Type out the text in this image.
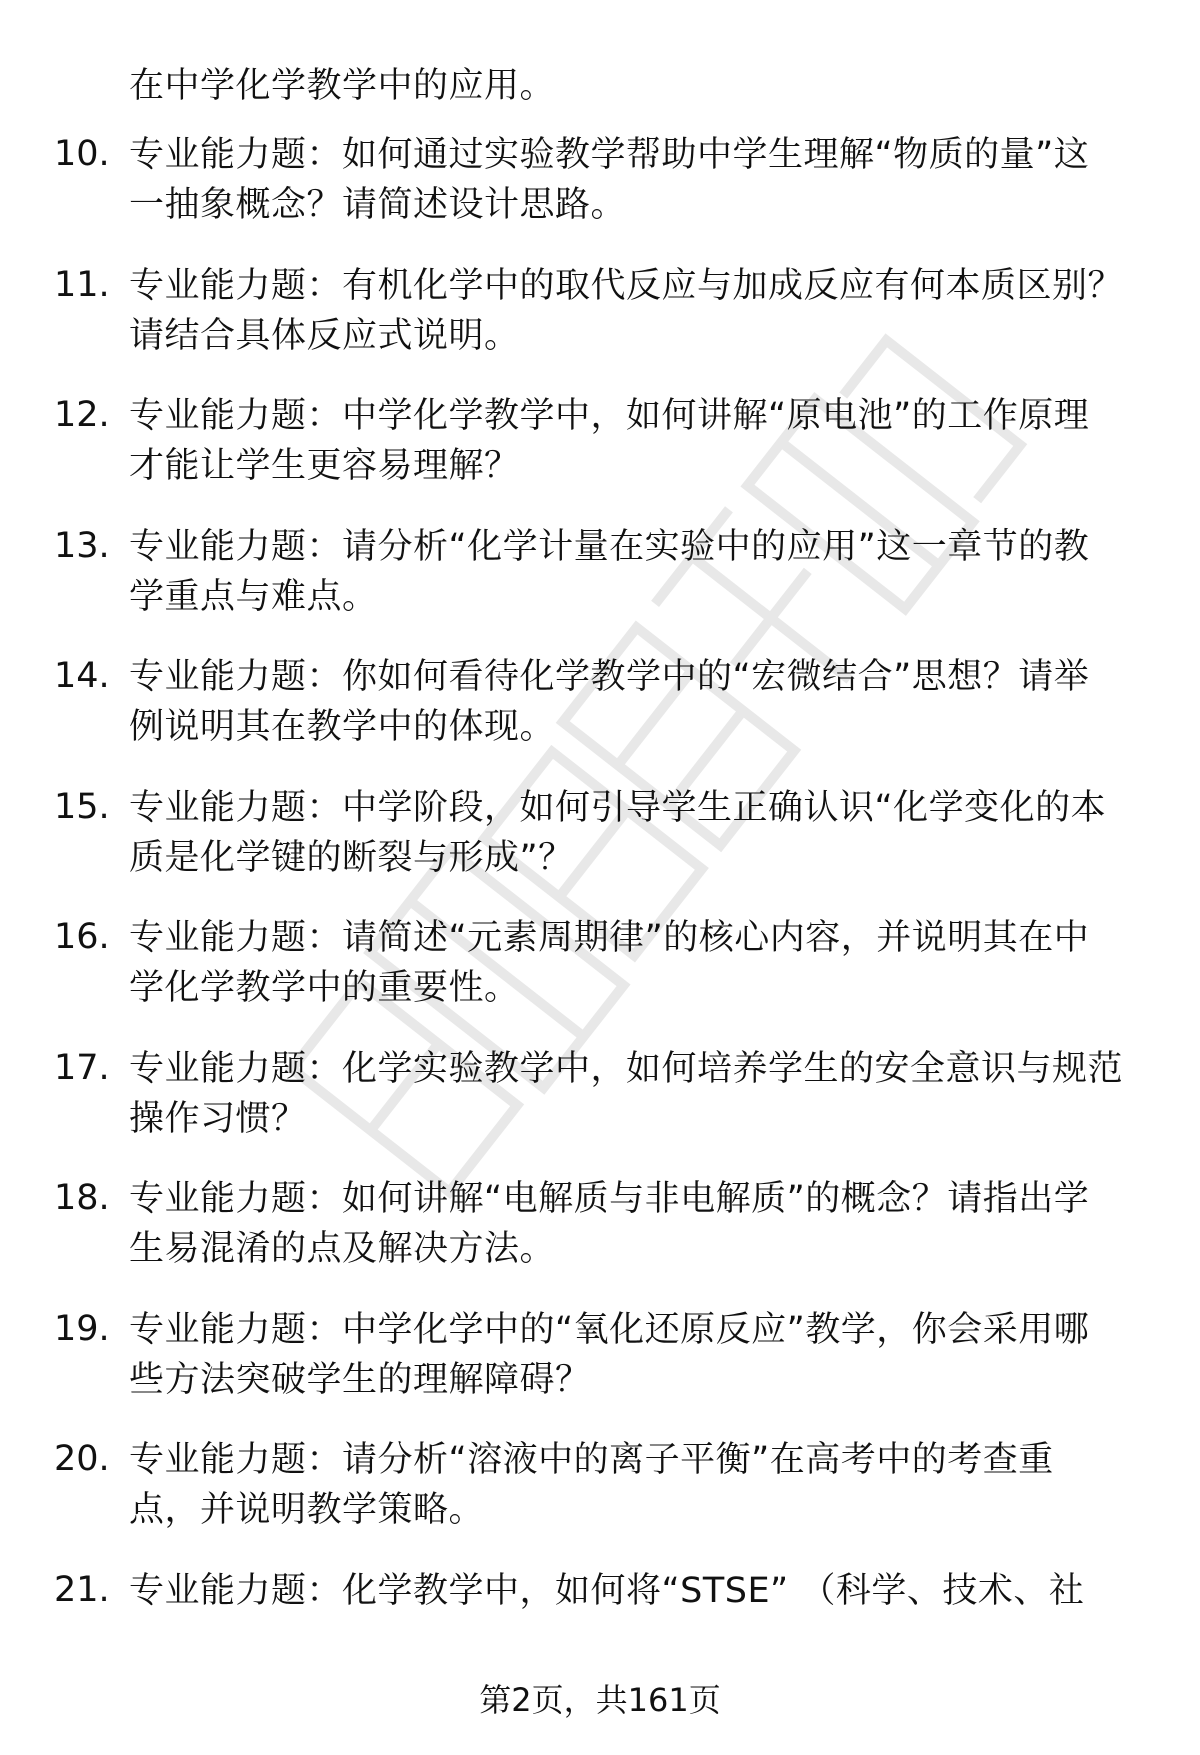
在中学化学教学中的应用。
10. 专业能力题：如何通过实验教学帮助中学生理解“物质的量”这
一抽象概念？请简述设计思路。
11. 专业能力题：有机化学中的取代反应与加成反应有何本质区别？
请结合具体反应式说明。
12. 专业能力题：中学化学教学中，如何讲解“原电池”的工作原理
才能让学生更容易理解？
13. 专业能力题：请分析“化学计量在实验中的应用”这一章节的教
学重点与难点。
14. 专业能力题：你如何看待化学教学中的“宏微结合”思想？请举
例说明其在教学中的体现。
15. 专业能力题：中学阶段，如何引导学生正确认识“化学变化的本
质是化学键的断裂与形成”？
16. 专业能力题：请简述“元素周期律”的核心内容，并说明其在中
学化学教学中的重要性。
17. 专业能力题：化学实验教学中，如何培养学生的安全意识与规范
操作习惯？
18. 专业能力题：如何讲解“电解质与非电解质”的概念？请指出学
生易混淆的点及解决方法。
19. 专业能力题：中学化学中的“氧化还原反应”教学，你会采用哪
些方法突破学生的理解障碍？
20. 专业能力题：请分析“溶液中的离子平衡”在高考中的考查重
点，并说明教学策略。
21. 专业能力题：化学教学中，如何将“STSE” （科学、技术、社
第2页，共161页
